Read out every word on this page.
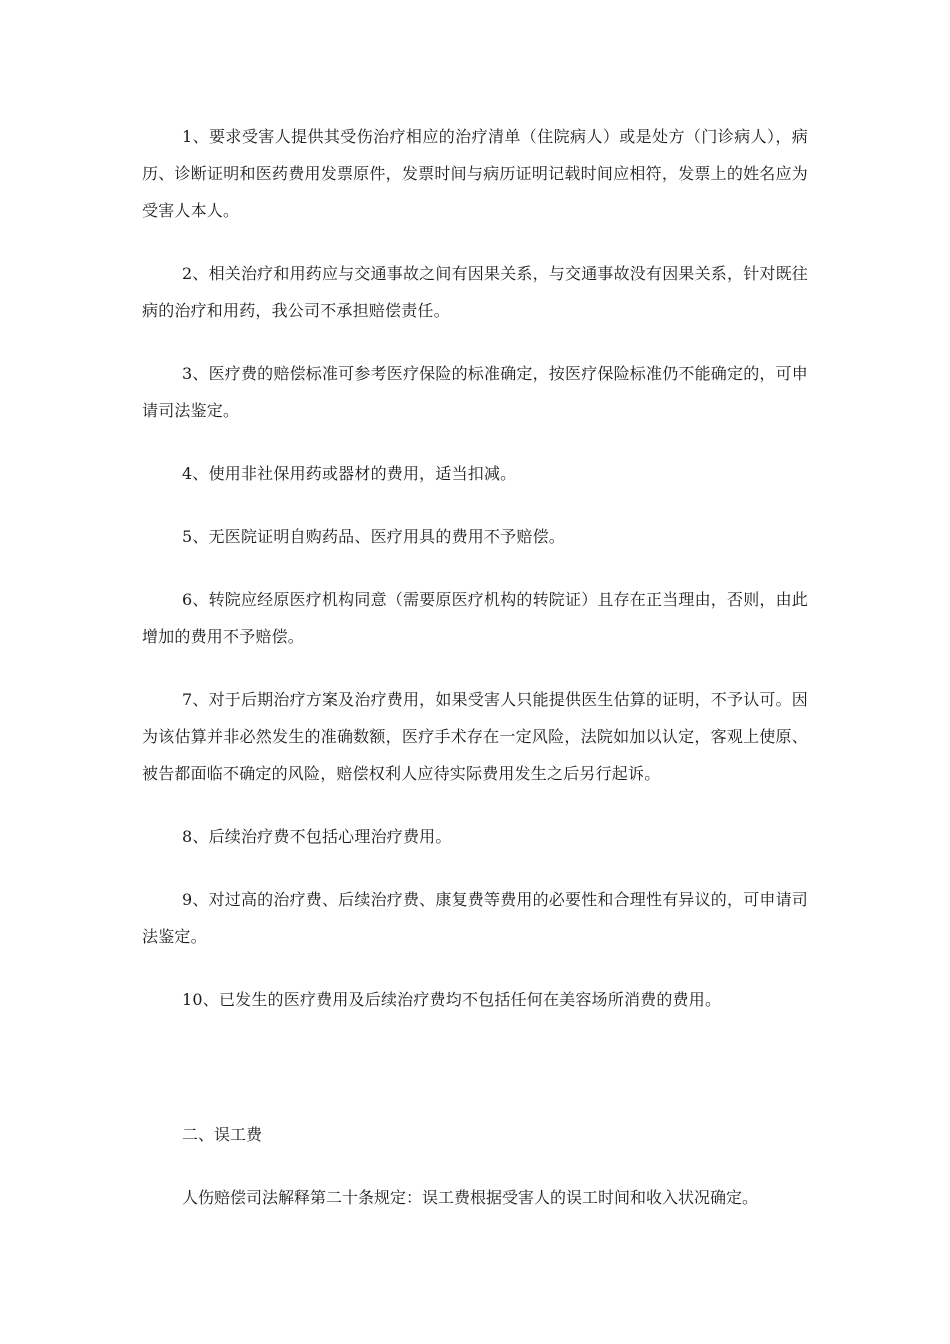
1、要求受害人提供其受伤治疗相应的治疗清单（住院病人）或是处方（门诊病人），病历、诊断证明和医药费用发票原件，发票时间与病历证明记载时间应相符，发票上的姓名应为受害人本人。

2、相关治疗和用药应与交通事故之间有因果关系，与交通事故没有因果关系，针对既往病的治疗和用药，我公司不承担赔偿责任。

3、医疗费的赔偿标准可参考医疗保险的标准确定，按医疗保险标准仍不能确定的，可申请司法鉴定。

4、使用非社保用药或器材的费用，适当扣减。

5、无医院证明自购药品、医疗用具的费用不予赔偿。

6、转院应经原医疗机构同意（需要原医疗机构的转院证）且存在正当理由，否则，由此增加的费用不予赔偿。

7、对于后期治疗方案及治疗费用，如果受害人只能提供医生估算的证明，不予认可。因为该估算并非必然发生的准确数额，医疗手术存在一定风险，法院如加以认定，客观上使原、被告都面临不确定的风险，赔偿权利人应待实际费用发生之后另行起诉。

8、后续治疗费不包括心理治疗费用。

9、对过高的治疗费、后续治疗费、康复费等费用的必要性和合理性有异议的，可申请司法鉴定。

10、已发生的医疗费用及后续治疗费均不包括任何在美容场所消费的费用。

二、误工费

人伤赔偿司法解释第二十条规定：误工费根据受害人的误工时间和收入状况确定。
